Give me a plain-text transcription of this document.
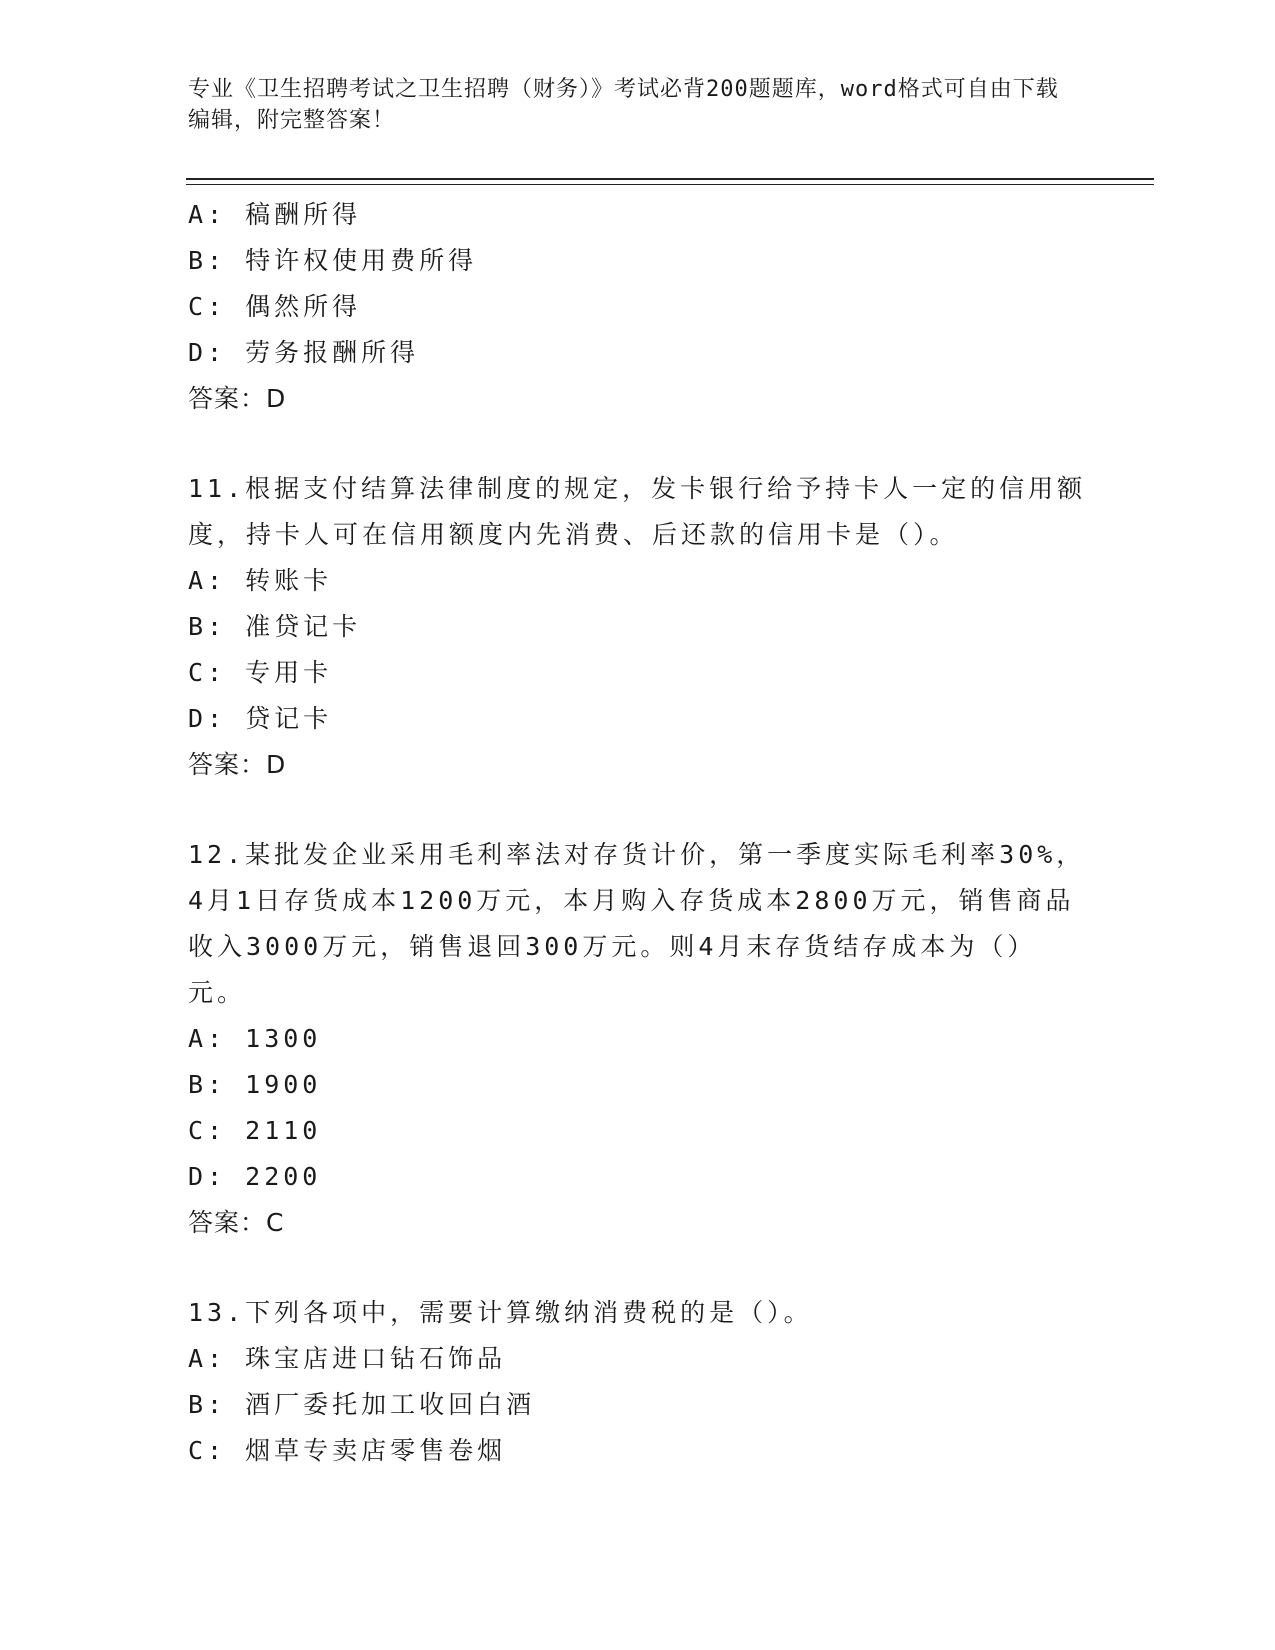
专业《卫生招聘考试之卫生招聘（财务）》考试必背200题题库，word格式可自由下载编辑，附完整答案！
A: 稿酬所得
B: 特许权使用费所得
C: 偶然所得
D: 劳务报酬所得
答案：D
11.根据支付结算法律制度的规定，发卡银行给予持卡人一定的信用额度，持卡人可在信用额度内先消费、后还款的信用卡是（）。
A: 转账卡
B: 准贷记卡
C: 专用卡
D: 贷记卡
答案：D
12.某批发企业采用毛利率法对存货计价，第一季度实际毛利率30%，4月1日存货成本1200万元，本月购入存货成本2800万元，销售商品收入3000万元，销售退回300万元。则4月末存货结存成本为（）元。
A: 1300
B: 1900
C: 2110
D: 2200
答案：C
13.下列各项中，需要计算缴纳消费税的是（）。
A: 珠宝店进口钻石饰品
B: 酒厂委托加工收回白酒
C: 烟草专卖店零售卷烟
